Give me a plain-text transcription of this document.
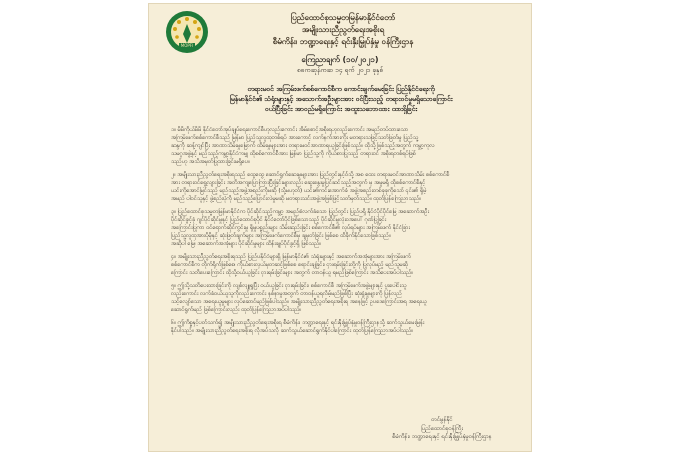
MOPFI
ပြည်ထောင်စုသမ္မတမြန်မာနိုင်ငံတော်
အမျိုးသားညီညွတ်ရေးအစိုးရ
စီမံကိန်း၊ ဘဏ္ဍာရေးနှင့် ရင်းနှီးမြှုပ်နှံမှု ဝန်ကြီးဌာန
ကြေညာချက် (၁၀/၂၀၂၁)
၈၈ကဆုန်ကဆ ၁၄ ရက် ၂၀၂၁ ခုနှစ်
တရားမဝင် အကြမ်းဖက်စစ်ကောင်စီက ကောင်းချက်မေးခြင်း ပြည်နိုင်ငံရေးကို
မြန်မာနိုင်ငံ၏ သံရုံးများနှင့် အသောက်အဦးများအား ဝင်ပြီးသည့် တရားဝင်မှုမရှိသောကြောင်း
ဝယ်ပြီးခြင်း အာဝည်မရှိကြောင်း အထူးသဘောထား ထားရှိခြင်း
၁။ မိမိကိုယ်မိမိ နိုင်ငံတော်အုပ်ချုပ်ရေးကောင်စီဟုလည်းကောင်း အိမ်စောင့်အစိုးရဟုလည်းကောင်း အမည်တပ်ထားသော
အကြမ်းဖက်စစ်ကောင်စီသည် မြန်မာ ပြည်သူလူထုတစ်ရပ် အားကောင့် လက်နက်အားကိုး မတရားသဖြင့်သတ်ဖြတ်မှု ပြည်သူ့
ဆန္ဒကို ဆန့်ကျင်ပြီး အာဏာသိမ်းမှုမြောက် ထိမ်းမှုများအား တရားမဝင်အာဏာရယူခြင်းဖြစ်သည်။ ထိုသို့ဖြစ်သည့်အတွက် ကမ္ဘာ့ကုလ
သမဂ္ဂအဖွဲ့နှင့် မည်သည့်ကမ္ဘာ့နိုင်ငံကမျှ ထိုစစ်ကောင်စီအား မြန်မာ ပြည်သူ့ကို ကိုယ်စားပြုသည့် တရားဝင် အစိုးရတစ်ရပ်ဖြစ်
သည်ဟု အသိအမှတ်ပြုထားခြင်းမရှိပေ။
၂။ အမျိုးသားညီညွတ်ရေးအစိုးရသည် ထွေထွေ ဆောင်ရွက်ဆေးမှုများအား ပြည်တွင်းနှင့်ဝ်သို့ အစ ထေး တရားမဝင်အာဏာသိမ်း စစ်ကောင်စီ
အား တရားဝင်ရွေ့လျားခြင်း အတိအကျပြောကြားပြီးခြင်းများလည်း ဆွေးနွေးမှုပြင်ဆင်သည့်အတွက် မှ အမှုမရှိ ထိုစစ်ကောင်စီနှင့်
ယင်းကိုအောင်မြင်သည့် မည်သည့်အဖွဲ့အစည်းကိုမဆို (သို့မဟုတ်) ယင်း၏ကင်းအောက်ခံ အဖွဲ့အစည်းတစ်ခုခုကိုသော် ၎င်း၏ ရှိမဲ့
အမည် ပါဝင်သူနှင့် ဖွဲ့စည်းပုံကို မည်သည့်ပြောင်းလဲမှုမဆို မတရားသင်းအဖွဲ့အဖြစ်ဖြင့်သတ်မှတ်သည်။ ထုတ်ပြန်ကြေညာသည်။
၃။ ပြည်ထောင်စုသမ္မတမြန်မာနိုင်ငံက ပိုင်ဆိုင်သည့်ကမ္ဘာ့ အမည်စံလက်ခံသော ပြည်တွင်း ပြည်ပရှိ နိုင်ငံပိုင်ပိုင်မြေ အဆောက်အဦး
ပိုင်ဆိုင်ခွင့်ခုံ ဂျင်ပိုင်ဆိုင်မှုနှင့် ပြည်ထောင်စုပိုင် နိုင်ငံတော်ပိုင်ဖြစ်သောသည့် ပိုင်ဆိုင်မှုလုံးဝအပေါ် ဂုဏ်ပြုခြင်း
အကြောင်းပြုကာ ဝင်ရောက်ဆိုင်ကွင်းမှု ရှိမှုပစ္စည်းများ သိမ်းဆည်းခြင်း စစ်ကောင်စီ၏ လုပ်ရပ်များ အကြမ်းဖက် နိုင်ငံခြား
ပြည်သူ့လူထုအားပိုမိုနှင့် ဆုံးဖြတ်ချက်များ အကြမ်းဖက်ကောင်စီမှ ချမှတ်ခြင်း ဖြစ်စေ ထိခိုက်နိုင်သောဖြစ်သည်။
အဆိုပါ မြေ၊ အဆောက်အအုံများ ပိုင်ဆိုင်မှုများ ထိန်းချုပ်ပိုင်ခွင့်ရှိ ဖြစ်သည်။
၄။ အမျိုးသားညီညွတ်ရေးအစိုးရသည် ပြည်ပနိုင်ငံများရှိ မြန်မာနိုင်ငံ၏ သံရုံးများနှင့် အဆောက်အအုံများအား အကြမ်းဖက်
စစ်ကောင်စီက တိုက်ရိုက်ဖြစ်စေ၊ ကိုယ်စားလှယ်မှတဆင့်ဖြစ်စေ ရောင်းချခြင်း၊ ငှားရမ်းခြင်းတို့ကို ပြုလုပ်မည့် မည်သူမဆို
ကြောင်း သတိပေးကြောင်း ထိုသို့ဝယ်ယူခြင်း ငှားရမ်းခြင်းများ အတွက် တာဝန်ယူ ရမည်ဖြစ်ကြောင်း အသိပေးအပ်ပါသည်။
၅။ ဤသို့သတိပေးထားခြင်းကို လျစ်လျူရှုပြီး ဝယ်ယူခြင်း ငှားရမ်းခြင်း၊ စစ်ကောင်စီ အကြမ်းဖက်အဖွဲ့များနှင့် ပူးပေါင်းသူ
လည်းကောင်း လက်ခံဝယ်ယူသူကိုလည်းကောင်း နစ်နာမှုအတွက် တာဝန်ယူရလိမ့်မည်ဖြစ်ပြီး ဆုံးရှုံးမှုများကို ပြန်လည်
သင့်လျော်သော အရေးယူမှုများ လုပ်ဆောင်မည်ဖြစ်ပါသည်။ အမျိုးသားညီညွတ်ရေးအစိုးရ အနေဖြင့် ဥပဒေကြောင်းအရ အရေးယူ
ဆောင်ရွက်မည် ဖြစ်ကြောင်းလည်း ထုတ်ပြန်ကြေညာအပ်ပါသည်။
၆။ ဤကိစ္စနှင့်ပတ်သက်၍ အမျိုးသားညီညွတ်ရေးအစိုးရ စီမံကိန်း၊ ဘဏ္ဍာရေးနှင့် ရင်းနှီးမြှုပ်နှံမှုဝန်ကြီးဌာနသို့ ဆက်သွယ်မေးမြန်း
နိုင်ပါသည်။ အမျိုးသားညီညွတ်ရေးအစိုးရ လိုအပ်သလို ဆက်သွယ်ဆောင်ရွက်နိုင်ပါကြောင်း ထုတ်ပြန်ကြေညာအပ်ပါသည်။
တင်မွန်နိုင်
ပြည်ထောင်စုဝန်ကြီး
စီမံကိန်း၊ ဘဏ္ဍာရေးနှင့် ရင်းနှီးမြှုပ်နှံမှုဝန်ကြီးဌာန
